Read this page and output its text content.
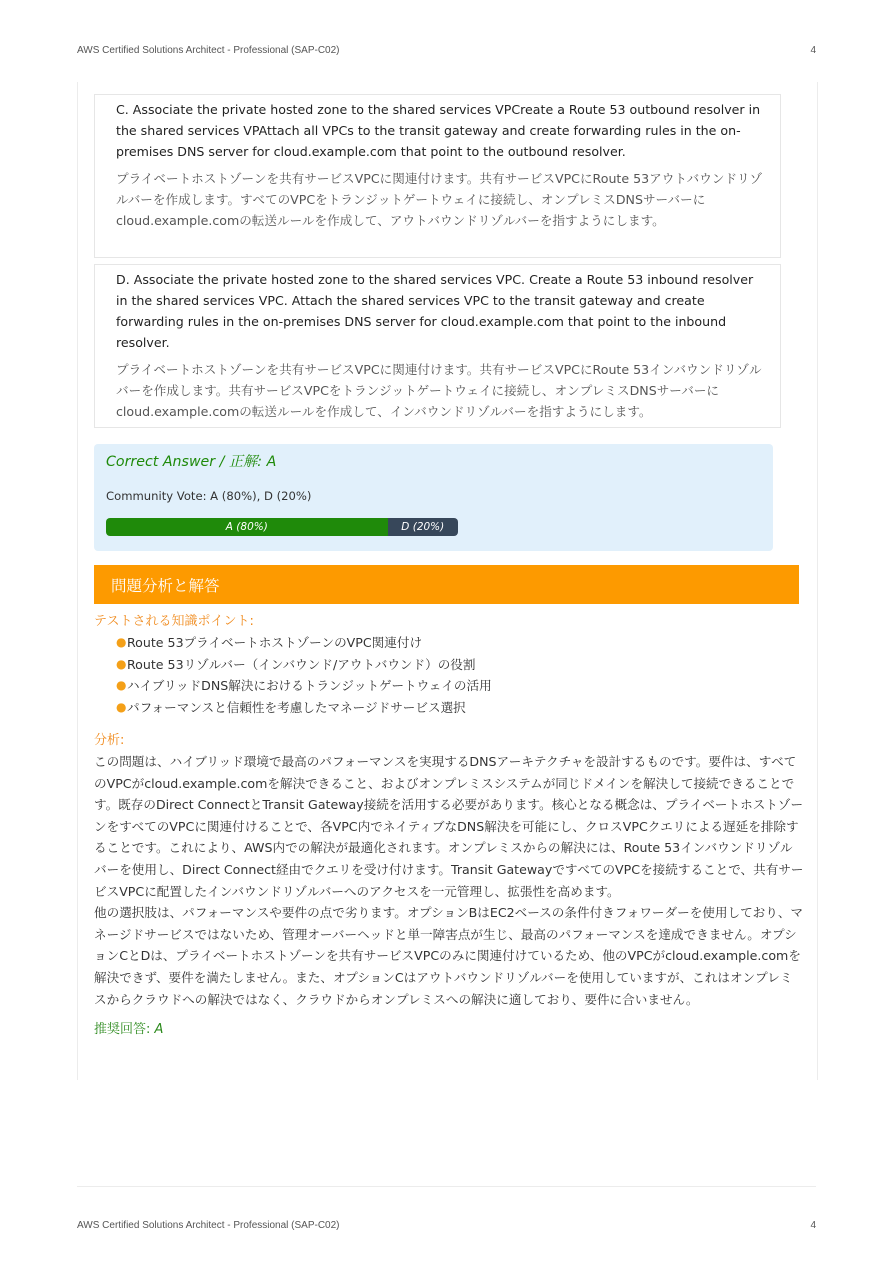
AWS Certified Solutions Architect - Professional (SAP-C02)	4
C. Associate the private hosted zone to the shared services VPCreate a Route 53 outbound resolver in the shared services VPAttach all VPCs to the transit gateway and create forwarding rules in the on-premises DNS server for cloud.example.com that point to the outbound resolver.
プライベートホストゾーンを共有サービスVPCに関連付けます。共有サービスVPCにRoute 53アウトバウンドリゾルバーを作成します。すべてのVPCをトランジットゲートウェイに接続し、オンプレミスDNSサーバーにcloud.example.comの転送ルールを作成して、アウトバウンドリゾルバーを指すようにします。
D. Associate the private hosted zone to the shared services VPC. Create a Route 53 inbound resolver in the shared services VPC. Attach the shared services VPC to the transit gateway and create forwarding rules in the on-premises DNS server for cloud.example.com that point to the inbound resolver.
プライベートホストゾーンを共有サービスVPCに関連付けます。共有サービスVPCにRoute 53インバウンドリゾルバーを作成します。共有サービスVPCをトランジットゲートウェイに接続し、オンプレミスDNSサーバーにcloud.example.comの転送ルールを作成して、インバウンドリゾルバーを指すようにします。
Correct Answer / 正解: A
Community Vote: A (80%), D (20%)
A (80%)	D (20%)
問題分析と解答
テストされる知識ポイント:
● Route 53プライベートホストゾーンのVPC関連付け
● Route 53リゾルバー（インバウンド/アウトバウンド）の役割
● ハイブリッドDNS解決におけるトランジットゲートウェイの活用
● パフォーマンスと信頼性を考慮したマネージドサービス選択
分析:

この問題は、ハイブリッド環境で最高のパフォーマンスを実現するDNSアーキテクチャを設計するものです。要件は、すべてのVPCがcloud.example.comを解決できること、およびオンプレミスシステムが同じドメインを解決して接続できることです。既存のDirect ConnectとTransit Gateway接続を活用する必要があります。核心となる概念は、プライベートホストゾーンをすべてのVPCに関連付けることで、各VPC内でネイティブなDNS解決を可能にし、クロスVPCクエリによる遅延を排除することです。これにより、AWS内での解決が最適化されます。オンプレミスからの解決には、Route 53インバウンドリゾルバーを使用し、Direct Connect経由でクエリを受け付けます。Transit GatewayですべてのVPCを接続することで、共有サービスVPCに配置したインバウンドリゾルバーへのアクセスを一元管理し、拡張性を高めます。

他の選択肢は、パフォーマンスや要件の点で劣ります。オプションBはEC2ベースの条件付きフォワーダーを使用しており、マネージドサービスではないため、管理オーバーヘッドと単一障害点が生じ、最高のパフォーマンスを達成できません。オプションCとDは、プライベートホストゾーンを共有サービスVPCのみに関連付けているため、他のVPCがcloud.example.comを解決できず、要件を満たしません。また、オプションCはアウトバウンドリゾルバーを使用していますが、これはオンプレミスからクラウドへの解決ではなく、クラウドからオンプレミスへの解決に適しており、要件に合いません。

推奨回答: A
AWS Certified Solutions Architect - Professional (SAP-C02)	4
